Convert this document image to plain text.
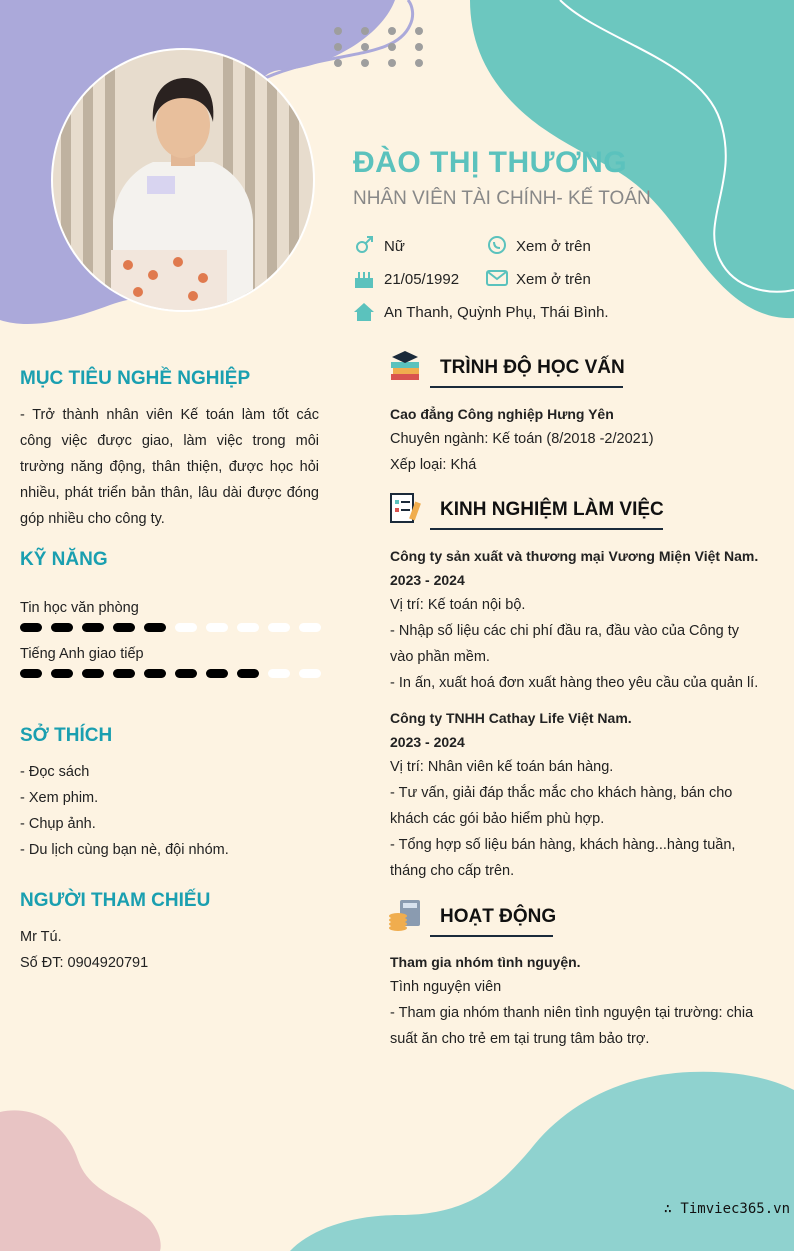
ĐÀO THỊ THƯƠNG
NHÂN VIÊN TÀI CHÍNH- KẾ TOÁN
Nữ	Xem ở trên
21/05/1992	Xem ở trên
An Thanh, Quỳnh Phụ, Thái Bình.
MỤC TIÊU NGHỀ NGHIỆP
- Trở thành nhân viên Kế toán làm tốt các công việc được giao, làm việc trong môi trường năng động, thân thiện, được học hỏi nhiều, phát triển bản thân, lâu dài được đóng góp nhiều cho công ty.
KỸ NĂNG
Tin học văn phòng
Tiếng Anh giao tiếp
SỞ THÍCH
- Đọc sách
- Xem phim.
- Chụp ảnh.
- Du lịch cùng bạn nè, đội nhóm.
NGƯỜI THAM CHIẾU
Mr Tú.
Số ĐT: 0904920791
TRÌNH ĐỘ HỌC VẤN
Cao đẳng Công nghiệp Hưng Yên
Chuyên ngành: Kế toán (8/2018 -2/2021)
Xếp loại: Khá
KINH NGHIỆM LÀM VIỆC
Công ty sản xuất và thương mại Vương Miện Việt Nam.
2023 - 2024
Vị trí: Kế toán nội bộ.
- Nhập số liệu các chi phí đầu ra, đầu vào của Công ty vào phần mềm.
- In ấn, xuất hoá đơn xuất hàng theo yêu cầu của quản lí.
Công ty TNHH Cathay Life Việt Nam.
2023 - 2024
Vị trí: Nhân viên kế toán bán hàng.
- Tư vấn, giải đáp thắc mắc cho khách hàng, bán cho khách các gói bảo hiểm phù hợp.
- Tổng hợp số liệu bán hàng, khách hàng...hàng tuần, tháng cho cấp trên.
HOẠT ĐỘNG
Tham gia nhóm tình nguyện.
Tình nguyện viên
- Tham gia nhóm thanh niên tình nguyện tại trường: chia suất ăn cho trẻ em tại trung tâm bảo trợ.
∴ Timviec365.vn
